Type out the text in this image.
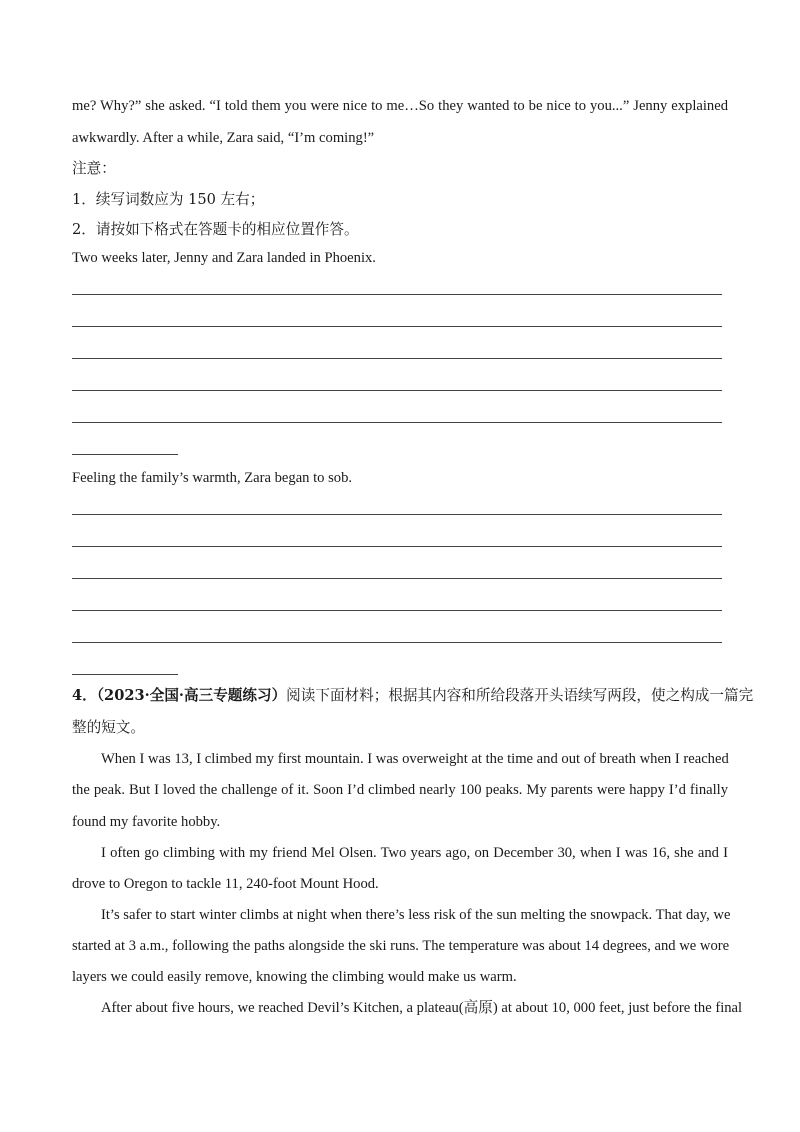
me? Why?” she asked. “I told them you were nice to me…So they wanted to be nice to you...” Jenny explained
awkwardly. After a while, Zara said, “I’m coming!”
注意：
1．续写词数应为 150 左右；
2．请按如下格式在答题卡的相应位置作答。
Two weeks later, Jenny and Zara landed in Phoenix.
Feeling the family’s warmth, Zara began to sob.
4．（2023·全国·高三专题练习）阅读下面材料；根据其内容和所给段落开头语续写两段，使之构成一篇完
整的短文。
When I was 13, I climbed my first mountain. I was overweight at the time and out of breath when I reached
the peak. But I loved the challenge of it. Soon I’d climbed nearly 100 peaks. My parents were happy I’d finally
found my favorite hobby.
I often go climbing with my friend Mel Olsen. Two years ago, on December 30, when I was 16, she and I
drove to Oregon to tackle 11, 240-foot Mount Hood.
It’s safer to start winter climbs at night when there’s less risk of the sun melting the snowpack. That day, we
started at 3 a.m., following the paths alongside the ski runs. The temperature was about 14 degrees, and we wore
layers we could easily remove, knowing the climbing would make us warm.
After about five hours, we reached Devil’s Kitchen, a plateau(高原) at about 10, 000 feet, just before the final
